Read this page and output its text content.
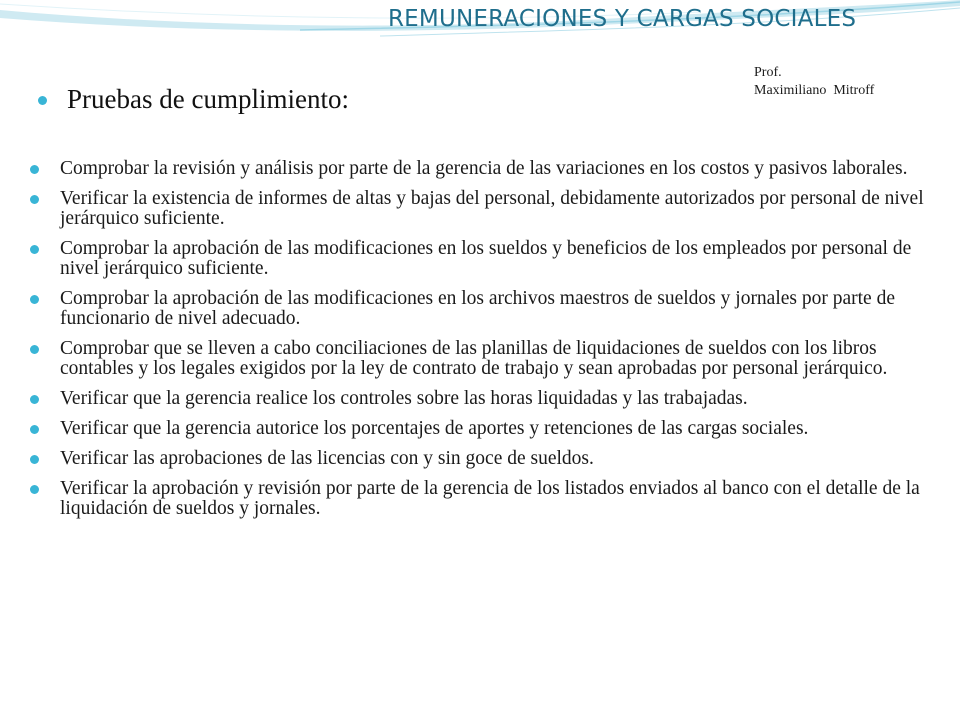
REMUNERACIONES Y CARGAS SOCIALES
Prof.
Maximiliano  Mitroff
Pruebas de cumplimiento:
Comprobar la revisión y análisis por parte de la gerencia de las variaciones en los costos y pasivos laborales.
Verificar la existencia de informes de altas y bajas del personal, debidamente autorizados por personal de nivel jerárquico suficiente.
Comprobar la aprobación de las modificaciones en los sueldos y beneficios de los empleados por personal de nivel jerárquico suficiente.
Comprobar la aprobación de las modificaciones en los archivos maestros de sueldos y jornales por parte de funcionario de nivel adecuado.
Comprobar que se lleven a cabo conciliaciones de las planillas de liquidaciones de sueldos con los libros contables y los legales exigidos por la ley de contrato de trabajo y sean aprobadas por personal jerárquico.
Verificar que la gerencia realice los controles sobre las horas liquidadas y las trabajadas.
Verificar que la gerencia autorice los porcentajes de aportes y retenciones de las cargas sociales.
Verificar las aprobaciones de las licencias con y sin goce de sueldos.
Verificar la aprobación y revisión por parte de la gerencia de los listados enviados al banco con el detalle de la liquidación de sueldos y jornales.
